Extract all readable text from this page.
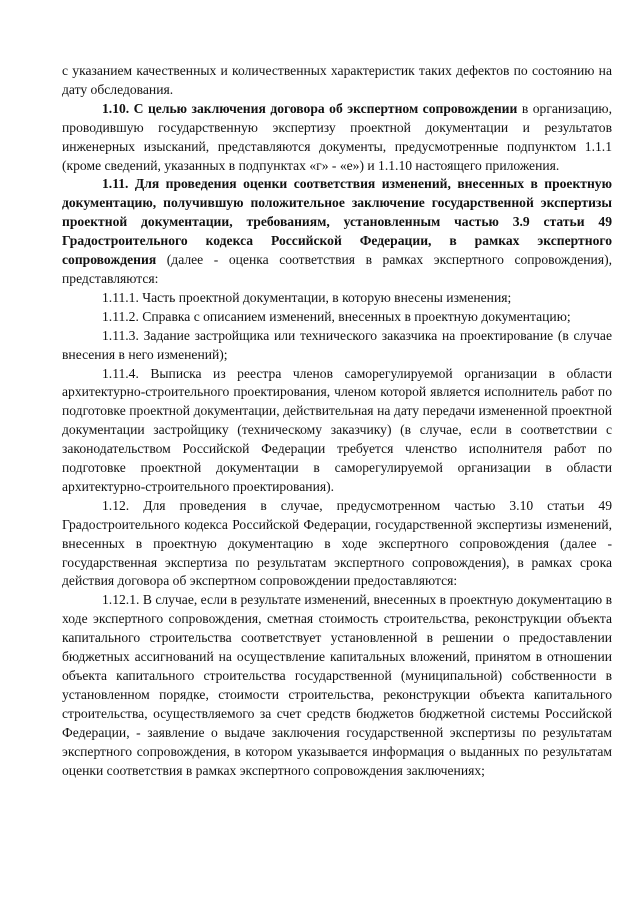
с указанием качественных и количественных характеристик таких дефектов по состоянию на дату обследования.

1.10. С целью заключения договора об экспертном сопровождении в организацию, проводившую государственную экспертизу проектной документации и результатов инженерных изысканий, представляются документы, предусмотренные подпунктом 1.1.1 (кроме сведений, указанных в подпунктах «г» - «е») и 1.1.10 настоящего приложения.

1.11. Для проведения оценки соответствия изменений, внесенных в проектную документацию, получившую положительное заключение государственной экспертизы проектной документации, требованиям, установленным частью 3.9 статьи 49 Градостроительного кодекса Российской Федерации, в рамках экспертного сопровождения (далее - оценка соответствия в рамках экспертного сопровождения), представляются:

1.11.1. Часть проектной документации, в которую внесены изменения;

1.11.2. Справка с описанием изменений, внесенных в проектную документацию;

1.11.3. Задание застройщика или технического заказчика на проектирование (в случае внесения в него изменений);

1.11.4. Выписка из реестра членов саморегулируемой организации в области архитектурно-строительного проектирования, членом которой является исполнитель работ по подготовке проектной документации, действительная на дату передачи измененной проектной документации застройщику (техническому заказчику) (в случае, если в соответствии с законодательством Российской Федерации требуется членство исполнителя работ по подготовке проектной документации в саморегулируемой организации в области архитектурно-строительного проектирования).

1.12. Для проведения в случае, предусмотренном частью 3.10 статьи 49 Градостроительного кодекса Российской Федерации, государственной экспертизы изменений, внесенных в проектную документацию в ходе экспертного сопровождения (далее - государственная экспертиза по результатам экспертного сопровождения), в рамках срока действия договора об экспертном сопровождении предоставляются:

1.12.1. В случае, если в результате изменений, внесенных в проектную документацию в ходе экспертного сопровождения, сметная стоимость строительства, реконструкции объекта капитального строительства соответствует установленной в решении о предоставлении бюджетных ассигнований на осуществление капитальных вложений, принятом в отношении объекта капитального строительства государственной (муниципальной) собственности в установленном порядке, стоимости строительства, реконструкции объекта капитального строительства, осуществляемого за счет средств бюджетов бюджетной системы Российской Федерации, - заявление о выдаче заключения государственной экспертизы по результатам экспертного сопровождения, в котором указывается информация о выданных по результатам оценки соответствия в рамках экспертного сопровождения заключениях;
